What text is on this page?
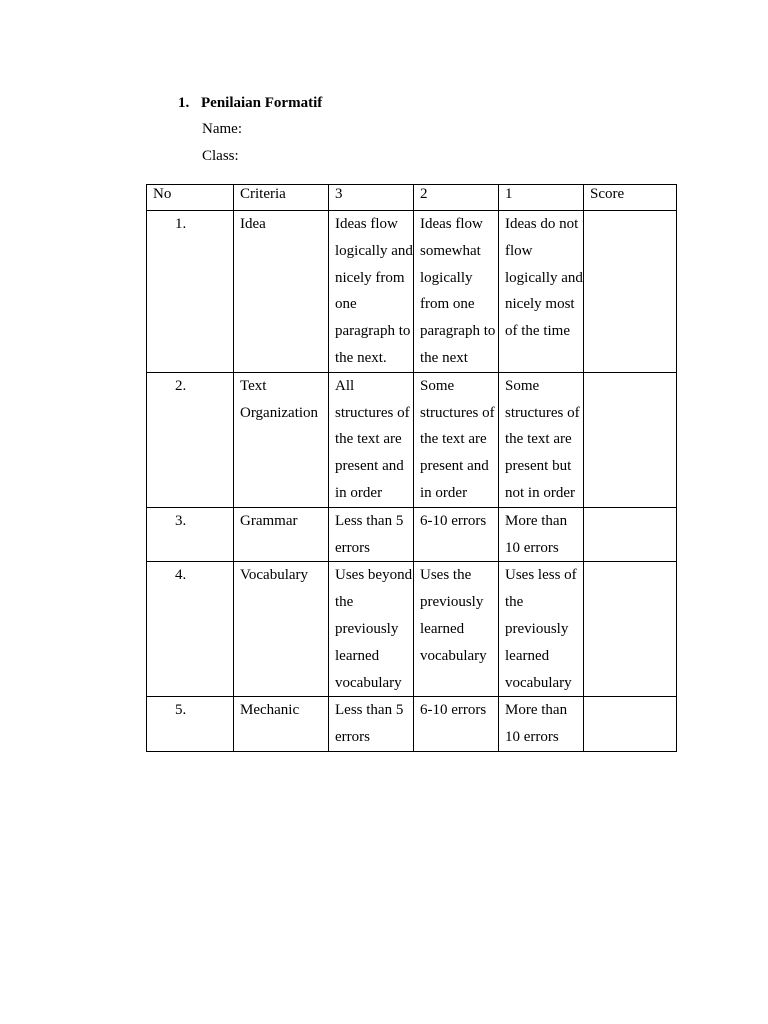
1. Penilaian Formatif
Name:
Class:
No	Criteria	3	2	1	Score
1.	Idea	Ideas flow logically and nicely from one paragraph to the next.	Ideas flow somewhat logically from one paragraph to the next	Ideas do not flow logically and nicely most of the time	
2.	Text Organization	All structures of the text are present and in order	Some structures of the text are present and in order	Some structures of the text are present but not in order	
3.	Grammar	Less than 5 errors	6-10 errors	More than 10 errors	
4.	Vocabulary	Uses beyond the previously learned vocabulary	Uses the previously learned vocabulary	Uses less of the previously learned vocabulary	
5.	Mechanic	Less than 5 errors	6-10 errors	More than 10 errors	
